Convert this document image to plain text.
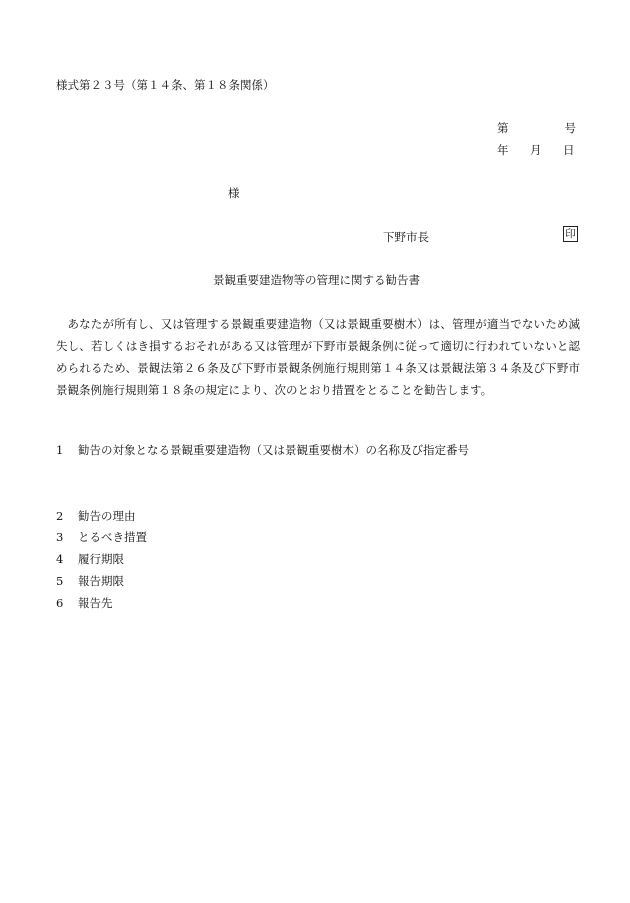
様式第２３号（第１４条、第１８条関係）
第	号
年 月 日
様
下野市長	印
景観重要建造物等の管理に関する勧告書
あなたが所有し、又は管理する景観重要建造物（又は景観重要樹木）は、管理が適当でないため滅失し、若しくはき損するおそれがある又は管理が下野市景観条例に従って適切に行われていないと認められるため、景観法第２６条及び下野市景観条例施行規則第１４条又は景観法第３４条及び下野市景観条例施行規則第１８条の規定により、次のとおり措置をとることを勧告します。
1 勧告の対象となる景観重要建造物（又は景観重要樹木）の名称及び指定番号
2 勧告の理由
3 とるべき措置
4 履行期限
5 報告期限
6 報告先
